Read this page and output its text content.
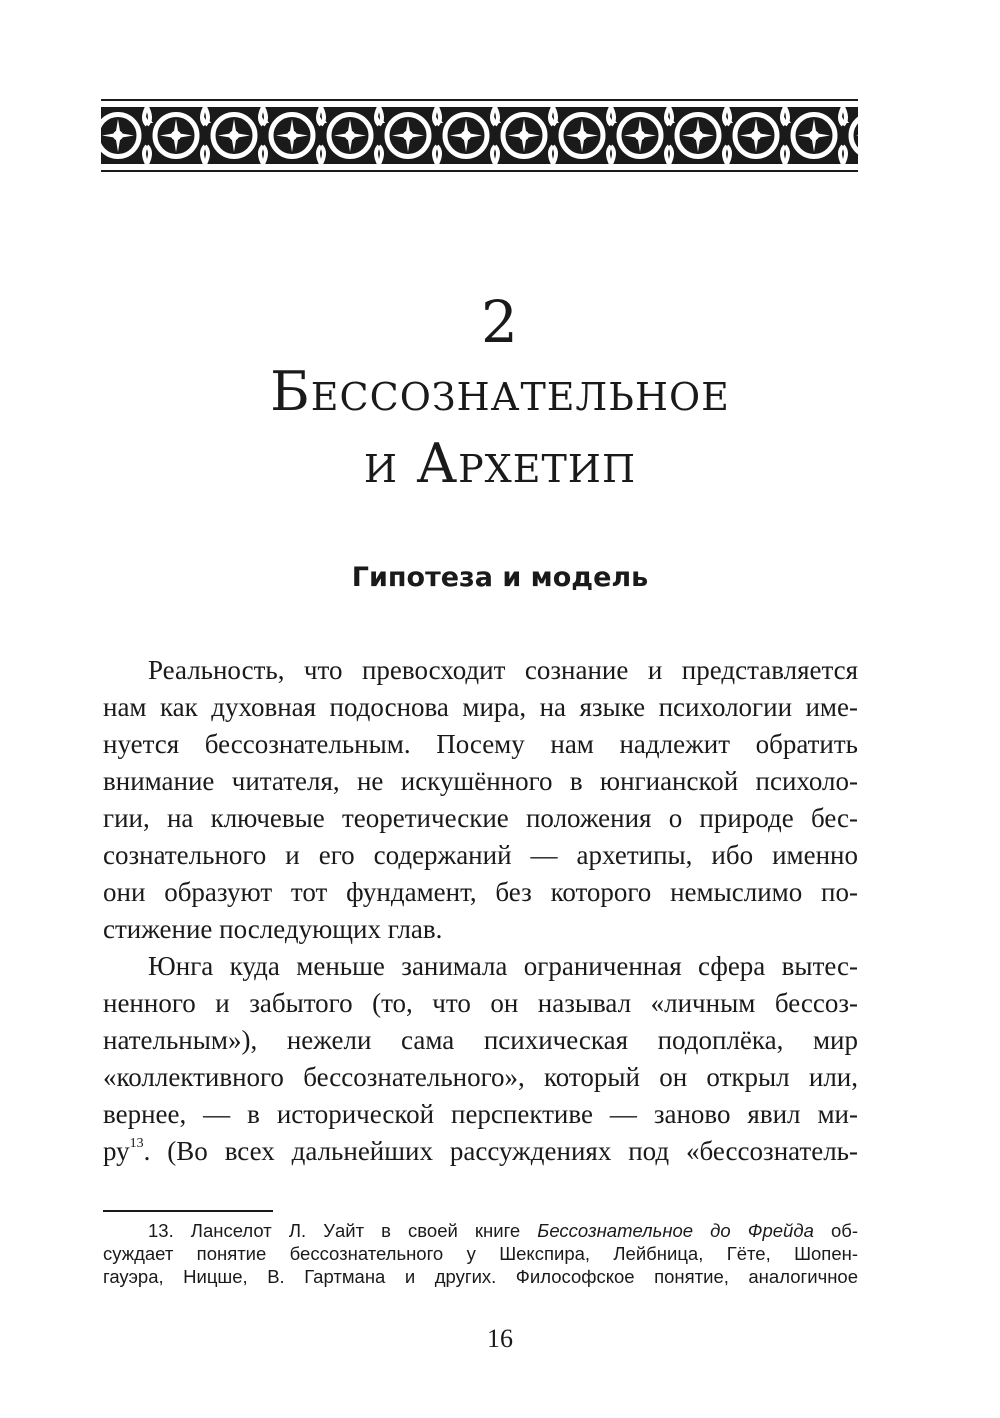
2
Бессознательное
и Архетип
Гипотеза и модель
Реальность, что превосходит сознание и представляется
нам как духовная подоснова мира, на языке психологии име-
нуется бессознательным. Посему нам надлежит обратить
внимание читателя, не искушённого в юнгианской психоло-
гии, на ключевые теоретические положения о природе бес-
сознательного и его содержаний — архетипы, ибо именно
они образуют тот фундамент, без которого немыслимо по-
стижение последующих глав.
Юнга куда меньше занимала ограниченная сфера вытес-
ненного и забытого (то, что он называл «личным бессоз-
нательным»), нежели сама психическая подоплёка, мир
«коллективного бессознательного», который он открыл или,
вернее, — в исторической перспективе — заново явил ми-
$ру^{13}$. (Во всех дальнейших рассуждениях под «бессознатель-
13. Ланселот Л. Уайт в своей книге Бессознательное до Фрейда об-
суждает понятие бессознательного у Шекспира, Лейбница, Гёте, Шопен-
гауэра, Ницше, В. Гартмана и других. Философское понятие, аналогичное
16
